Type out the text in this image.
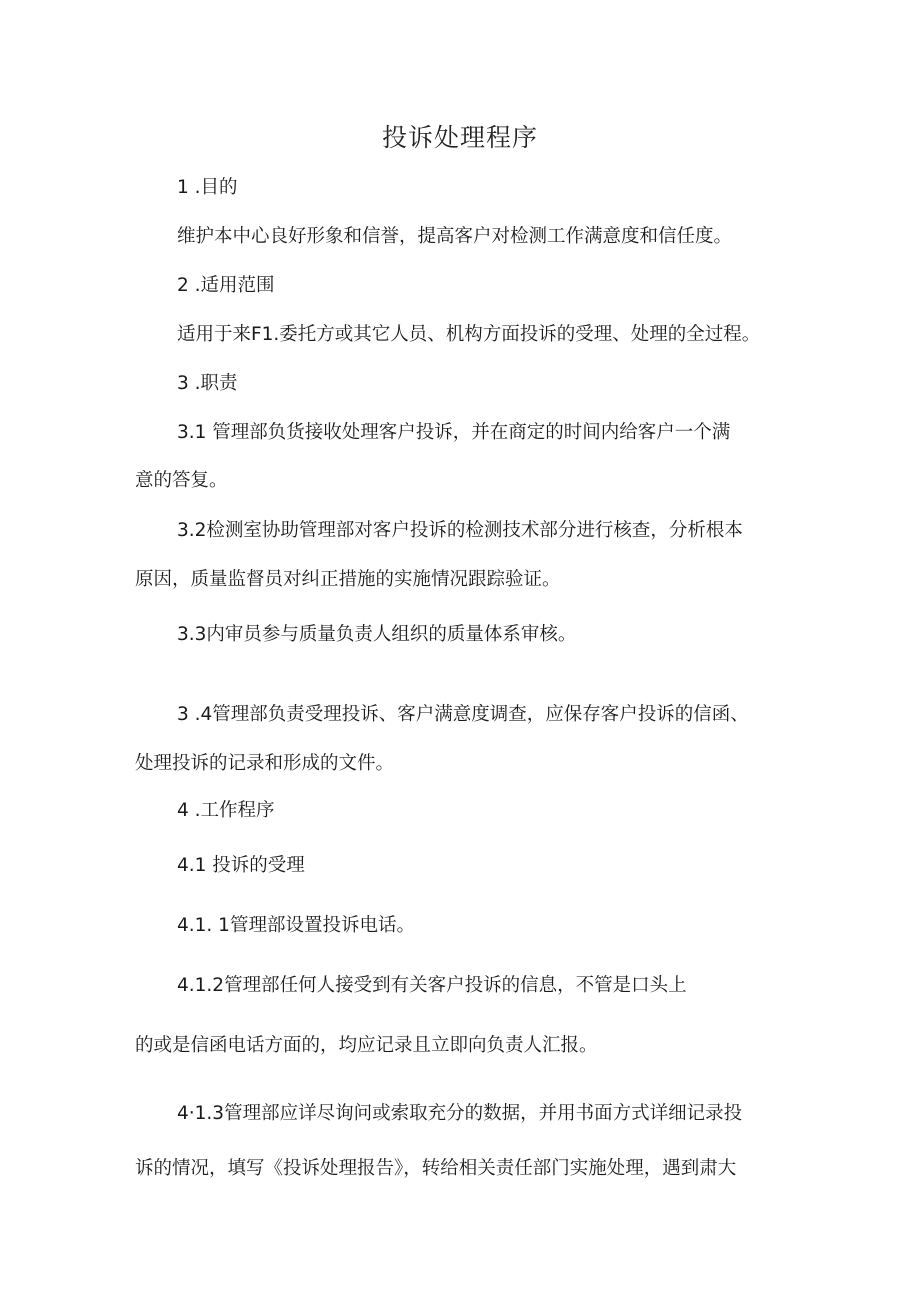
投诉处理程序
1 .目的
维护本中心良好形象和信誉，提高客户对检测工作满意度和信任度。
2 .适用范围
适用于来F1.委托方或其它人员、机构方面投诉的受理、处理的全过程。
3 .职责
3.1 管理部负货接收处理客户投诉，并在商定的时间内给客户一个满
意的答复。
3.2检测室协助管理部对客户投诉的检测技术部分进行核查，分析根本
原因，质量监督员对纠正措施的实施情况跟踪验证。
3.3内审员参与质量负责人组织的质量体系审核。
3 .4管理部负责受理投诉、客户满意度调查，应保存客户投诉的信函、
处理投诉的记录和形成的文件。
4 .工作程序
4.1 投诉的受理
4.1. 1管理部设置投诉电话。
4.1.2管理部任何人接受到有关客户投诉的信息，不管是口头上
的或是信函电话方面的，均应记录且立即向负责人汇报。
4·1.3管理部应详尽询问或索取充分的数据，并用书面方式详细记录投
诉的情况，填写《投诉处理报告》，转给相关责任部门实施处理，遇到肃大
